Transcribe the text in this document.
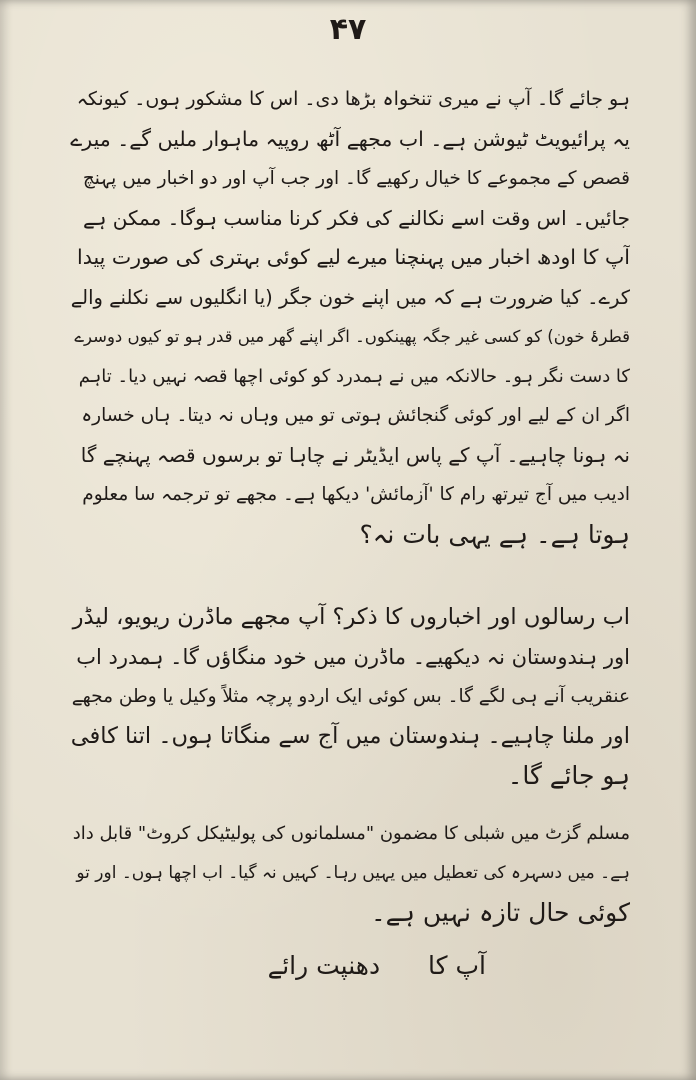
۴۷
ہو جائے گا۔ آپ نے میری تنخواہ بڑھا دی۔ اس کا مشکور ہوں۔ کیونکہ
یہ پرائیویٹ ٹیوشن ہے۔ اب مجھے آٹھ روپیہ ماہوار ملیں گے۔ میرے
قصص کے مجموعے کا خیال رکھیے گا۔ اور جب آپ اور دو اخبار میں پہنچ
جائیں۔ اس وقت اسے نکالنے کی فکر کرنا مناسب ہوگا۔ ممکن ہے
آپ کا اودھ اخبار میں پہنچنا میرے لیے کوئی بہتری کی صورت پیدا
کرے۔ کیا ضرورت ہے کہ میں اپنے خون جگر (یا انگلیوں سے نکلنے والے
قطرۂ خون) کو کسی غیر جگہ پھینکوں۔ اگر اپنے گھر میں قدر ہو تو کیوں دوسرے
کا دست نگر ہو۔ حالانکہ میں نے ہمدرد کو کوئی اچھا قصہ نہیں دیا۔ تاہم
اگر ان کے لیے اور کوئی گنجائش ہوتی تو میں وہاں نہ دیتا۔ ہاں خسارہ
نہ ہونا چاہیے۔ آپ کے پاس ایڈیٹر نے چاہا تو برسوں قصہ پہنچے گا
ادیب میں آج تیرتھ رام کا 'آزمائش' دیکھا ہے۔ مجھے تو ترجمہ سا معلوم
ہوتا ہے۔ ہے یہی بات نہ؟
اب رسالوں اور اخباروں کا ذکر؟ آپ مجھے ماڈرن ریویو، لیڈر
اور ہندوستان نہ دیکھیے۔ ماڈرن میں خود منگاؤں گا۔ ہمدرد اب
عنقریب آنے ہی لگے گا۔ بس کوئی ایک اردو پرچہ مثلاً وکیل یا وطن مجھے
اور ملنا چاہیے۔ ہندوستان میں آج سے منگاتا ہوں۔ اتنا کافی
ہو جائے گا۔
مسلم گزٹ میں شبلی کا مضمون "مسلمانوں کی پولیٹیکل کروٹ" قابل داد
ہے۔ میں دسہرہ کی تعطیل میں یہیں رہا۔ کہیں نہ گیا۔ اب اچھا ہوں۔ اور تو
کوئی حال تازہ نہیں ہے۔
آپ کا دھنپت رائے
